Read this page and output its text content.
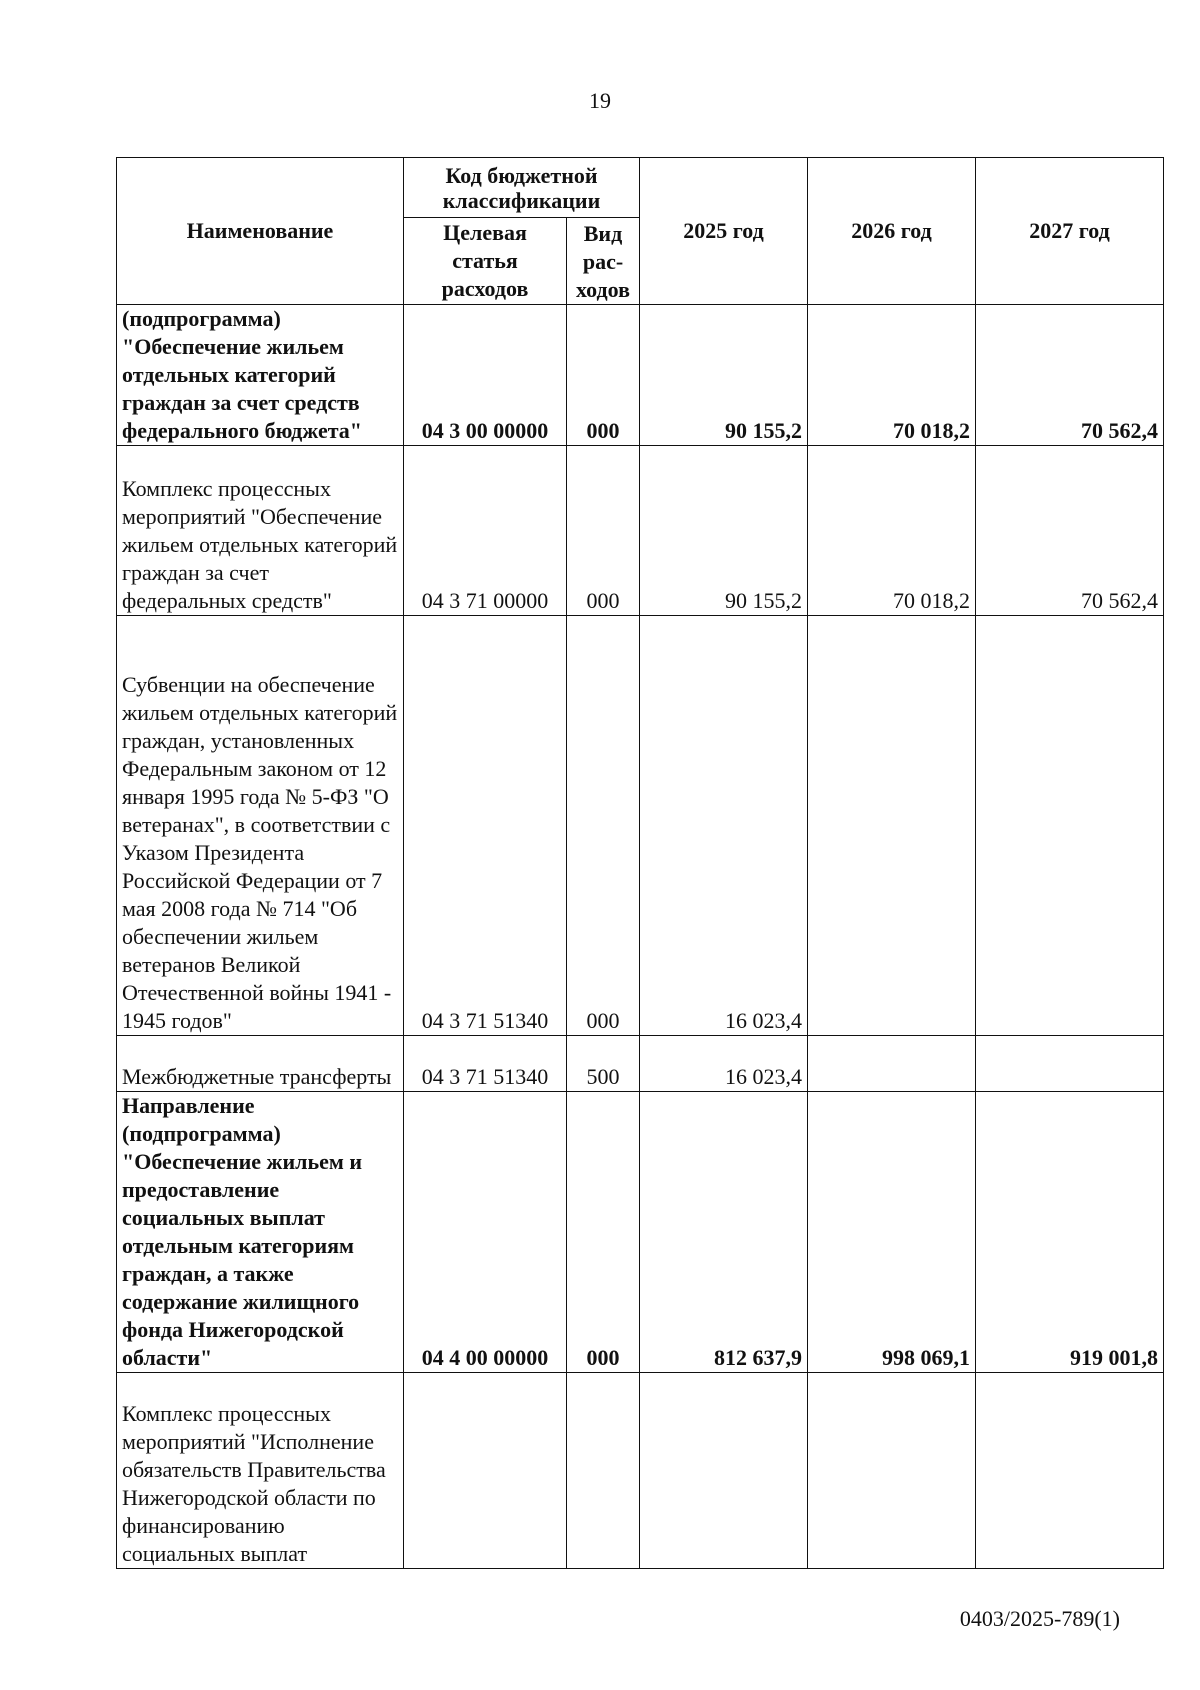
19
Наименование	Код бюджетной классификации		2025 год	2026 год	2027 год
	Целевая статья расходов	Вид рас-ходов			
(подпрограмма) "Обеспечение жильем отдельных категорий граждан за счет средств федерального бюджета"	04 3 00 00000	000	90 155,2	70 018,2	70 562,4
Комплекс процессных мероприятий "Обеспечение жильем отдельных категорий граждан за счет федеральных средств"	04 3 71 00000	000	90 155,2	70 018,2	70 562,4
Субвенции на обеспечение жильем отдельных категорий граждан, установленных Федеральным законом от 12 января 1995 года № 5-ФЗ "О ветеранах", в соответствии с Указом Президента Российской Федерации от 7 мая 2008 года № 714 "Об обеспечении жильем ветеранов Великой Отечественной войны 1941 - 1945 годов"	04 3 71 51340	000	16 023,4		
Межбюджетные трансферты	04 3 71 51340	500	16 023,4		
Направление (подпрограмма) "Обеспечение жильем и предоставление социальных выплат отдельным категориям граждан, а также содержание жилищного фонда Нижегородской области"	04 4 00 00000	000	812 637,9	998 069,1	919 001,8
Комплекс процессных мероприятий "Исполнение обязательств Правительства Нижегородской области по финансированию социальных выплат					
0403/2025-789(1)
